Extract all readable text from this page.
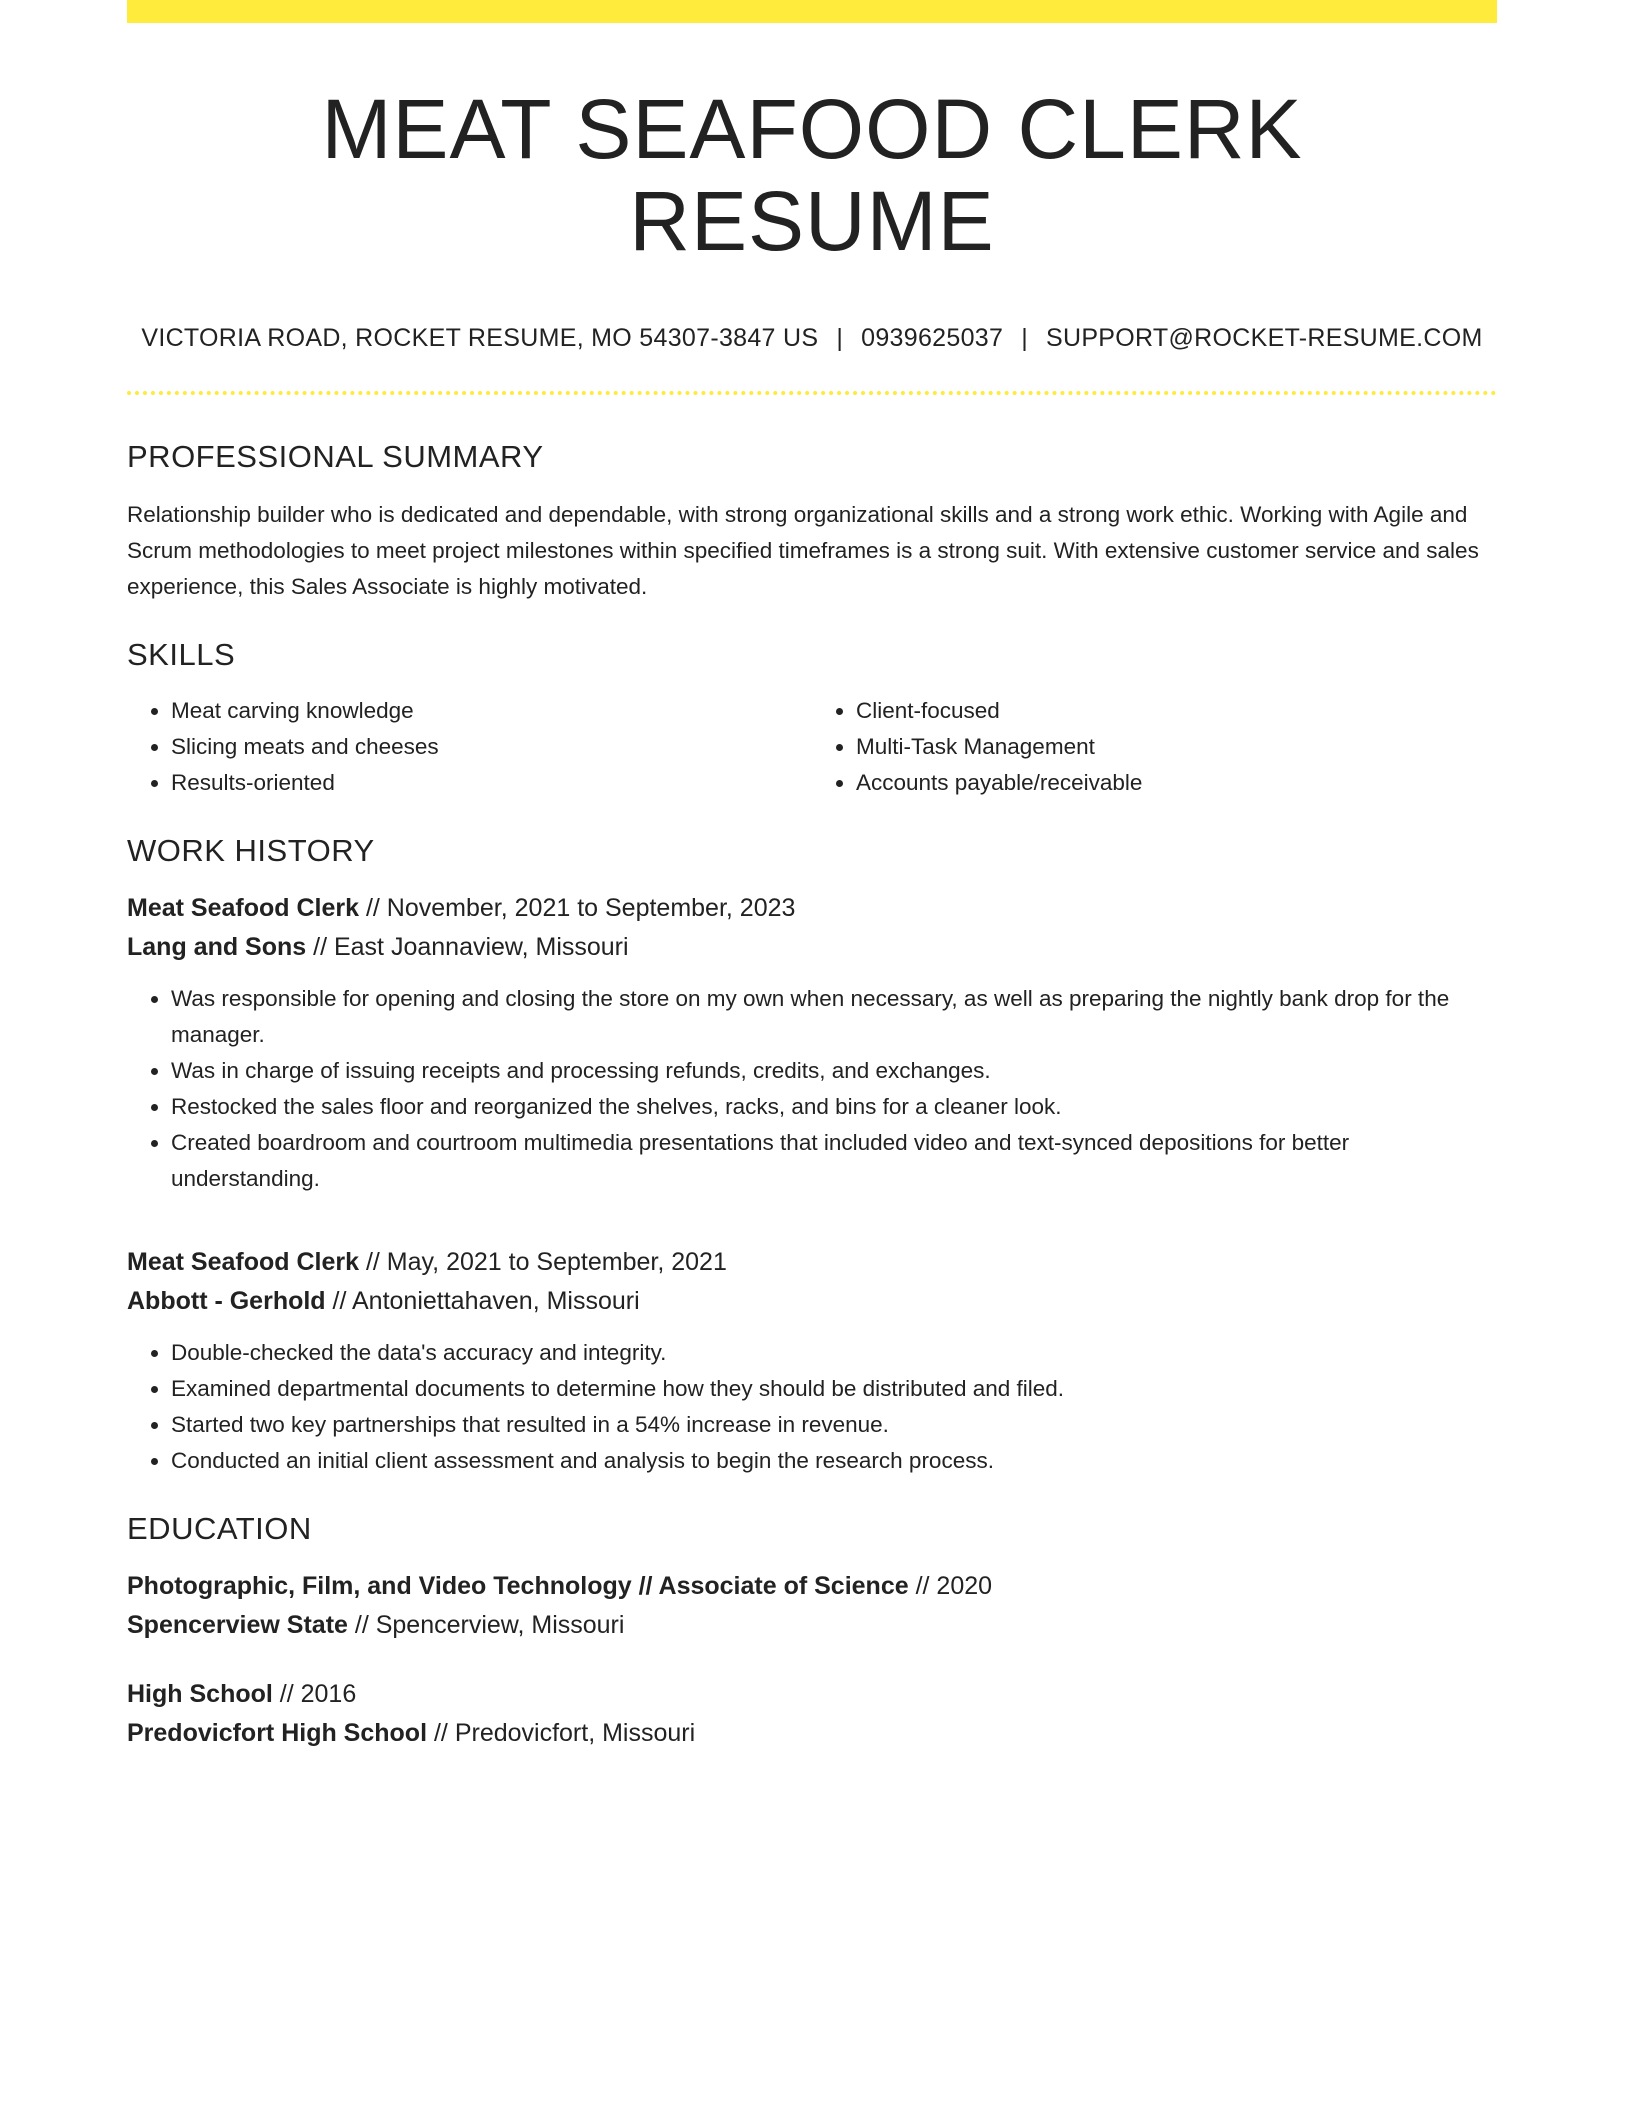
MEAT SEAFOOD CLERK RESUME
VICTORIA ROAD, ROCKET RESUME, MO 54307-3847 US | 0939625037 | SUPPORT@ROCKET-RESUME.COM
PROFESSIONAL SUMMARY

Relationship builder who is dedicated and dependable, with strong organizational skills and a strong work ethic. Working with Agile and Scrum methodologies to meet project milestones within specified timeframes is a strong suit. With extensive customer service and sales experience, this Sales Associate is highly motivated.

SKILLS
• Meat carving knowledge
• Slicing meats and cheeses
• Results-oriented
• Client-focused
• Multi-Task Management
• Accounts payable/receivable
WORK HISTORY
Meat Seafood Clerk // November, 2021 to September, 2023
Lang and Sons // East Joannaview, Missouri
• Was responsible for opening and closing the store on my own when necessary, as well as preparing the nightly bank drop for the manager.
• Was in charge of issuing receipts and processing refunds, credits, and exchanges.
• Restocked the sales floor and reorganized the shelves, racks, and bins for a cleaner look.
• Created boardroom and courtroom multimedia presentations that included video and text-synced depositions for better understanding.
Meat Seafood Clerk // May, 2021 to September, 2021
Abbott - Gerhold // Antoniettahaven, Missouri
• Double-checked the data's accuracy and integrity.
• Examined departmental documents to determine how they should be distributed and filed.
• Started two key partnerships that resulted in a 54% increase in revenue.
• Conducted an initial client assessment and analysis to begin the research process.
EDUCATION
Photographic, Film, and Video Technology // Associate of Science // 2020
Spencerview State // Spencerview, Missouri
High School // 2016
Predovicfort High School // Predovicfort, Missouri
